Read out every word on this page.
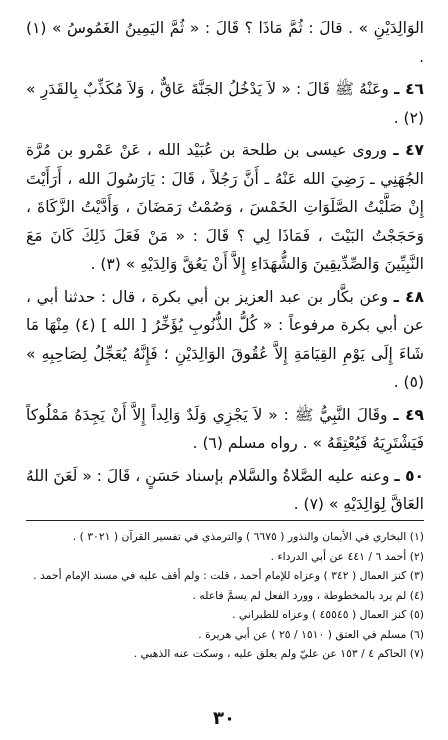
الوَالِدَيْنِ » . قالَ : ثُمَّ مَاذَا ؟ قَالَ : « ثُمَّ اليَمِينُ الغَمُوسُ » (١) .

٤٦ ـ وعَنْهُ ﷺ قَالَ : « لاَ يَدْخُلُ الجَنَّةَ عَاقٌّ ، وَلاَ مُكَذِّبٌ بِالقَدَرِ » (٢) .

٤٧ ـ وروى عيسى بن طلحة بن عُبَيْد الله ، عَنْ عَمْرو بن مُرَّة الجُهَنِي ـ رَضِيَ الله عَنْهُ ـ أَنَّ رَجُلاً ، قَالَ : يَارَسُولَ الله ، أَرَأَيْتَ إِنْ صَلَّيْتُ الصَّلَوَاتِ الخَمْسَ ، وَصُمْتُ رَمَضَانَ ، وَأَدَّيْتُ الزَّكَاةَ ، وَحَجَجْتُ البَيْتَ ، فَمَاذَا لِي ؟ قَالَ : « مَنْ فَعَلَ ذَلِكَ كَانَ مَعَ النَّبِيِّينَ وَالصِّدِّيقِينَ وَالشُّهَدَاءِ إِلاَّ أَنْ يَعُقَّ وَالِدَيْهِ » (٣) .

٤٨ ـ وعن بكَّار بن عبد العزيز بن أبي بكرة ، قال : حدثنا أبي ، عن أبي بكرة مرفوعاً : « كُلُّ الذُّنُوبِ يُؤَخِّرُ [ الله ] (٤) مِنْهَا مَا شَاءَ إِلَى يَوْمِ القِيَامَةِ إِلاَّ عُقُوقَ الوَالِدَيْنِ ؛ فَإِنَّهُ يُعَجِّلُ لِصَاحِبِهِ » (٥) .

٤٩ ـ وقَالَ النَّبِيُّ ﷺ : « لاَ يَجْزِي وَلَدٌ وَالِداً إِلاَّ أَنْ يَجِدَهُ مَمْلُوكاً فَيَشْتَرِيَهُ فَيُعْتِقَهُ » . رواه مسلم (٦) .

٥٠ ـ وعنه عليه الصَّلاةُ والسَّلام بإسناد حَسَنٍ ، قَالَ : « لَعَنَ اللهُ العَاقَّ لِوَالِدَيْهِ » (٧) .

(١) البخاري في الأيمان والنذور ( ٦٦٧٥ ) والترمذي في تفسير القرآن ( ٣٠٢١ ) .

(٢) أحمد ٦ / ٤٤١ عن أبي الدرداء .

(٣) كنز العمال ( ٣٤٢ ) وعزاه للإمام أحمد ، قلت : ولم أقف عليه في مسند الإمام أحمد .

(٤) لم يرد بالمخطوطة ، وورد الفعل لم يسمَّ فاعله .

(٥) كنز العمال ( ٤٥٥٤٥ ) وعزاه للطبراني .

(٦) مسلم في العتق ( ١٥١٠ / ٢٥ ) عن أبي هريرة .

(٧) الحاكم ٤ / ١٥٣ عن عليّ ولم يعلق عليه ، وسكت عنه الذهبي .

٣٠
